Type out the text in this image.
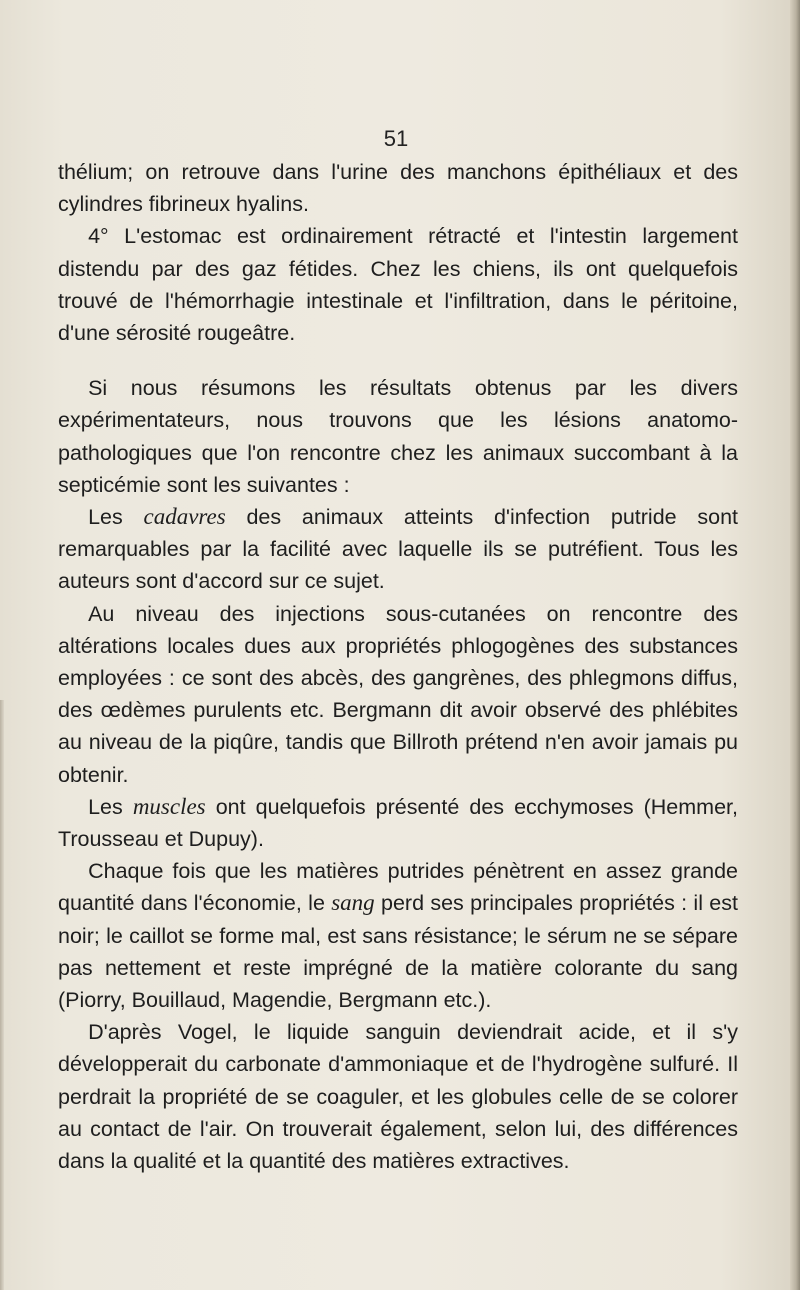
51

thélium; on retrouve dans l'urine des manchons épithéliaux et des cylindres fibrineux hyalins.

4° L'estomac est ordinairement rétracté et l'intestin largement distendu par des gaz fétides. Chez les chiens, ils ont quelquefois trouvé de l'hémorrhagie intestinale et l'infiltration, dans le péritoine, d'une sérosité rougeâtre.

Si nous résumons les résultats obtenus par les divers expérimentateurs, nous trouvons que les lésions anatomo-pathologiques que l'on rencontre chez les animaux succombant à la septicémie sont les suivantes :

Les cadavres des animaux atteints d'infection putride sont remarquables par la facilité avec laquelle ils se putréfient. Tous les auteurs sont d'accord sur ce sujet.

Au niveau des injections sous-cutanées on rencontre des altérations locales dues aux propriétés phlogogènes des substances employées : ce sont des abcès, des gangrènes, des phlegmons diffus, des œdèmes purulents etc. Bergmann dit avoir observé des phlébites au niveau de la piqûre, tandis que Billroth prétend n'en avoir jamais pu obtenir.

Les muscles ont quelquefois présenté des ecchymoses (Hemmer, Trousseau et Dupuy).

Chaque fois que les matières putrides pénètrent en assez grande quantité dans l'économie, le sang perd ses principales propriétés : il est noir; le caillot se forme mal, est sans résistance; le sérum ne se sépare pas nettement et reste imprégné de la matière colorante du sang (Piorry, Bouillaud, Magendie, Bergmann etc.).

D'après Vogel, le liquide sanguin deviendrait acide, et il s'y développerait du carbonate d'ammoniaque et de l'hydrogène sulfuré. Il perdrait la propriété de se coaguler, et les globules celle de se colorer au contact de l'air. On trouverait également, selon lui, des différences dans la qualité et la quantité des matières extractives.
